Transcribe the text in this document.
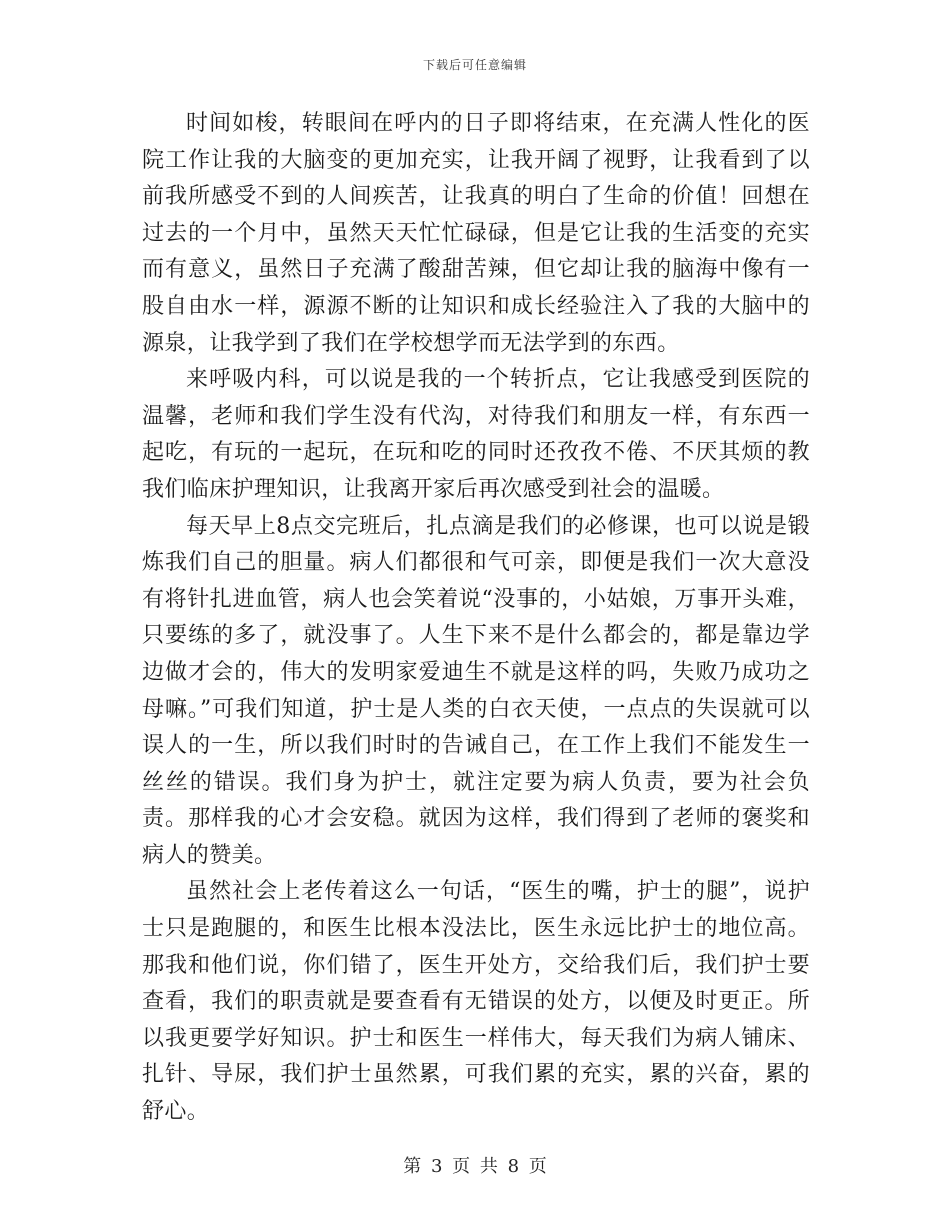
下载后可任意编辑

时间如梭，转眼间在呼内的日子即将结束，在充满人性化的医院工作让我的大脑变的更加充实，让我开阔了视野，让我看到了以前我所感受不到的人间疾苦，让我真的明白了生命的价值！回想在过去的一个月中，虽然天天忙忙碌碌，但是它让我的生活变的充实而有意义，虽然日子充满了酸甜苦辣，但它却让我的脑海中像有一股自由水一样，源源不断的让知识和成长经验注入了我的大脑中的源泉，让我学到了我们在学校想学而无法学到的东西。

来呼吸内科，可以说是我的一个转折点，它让我感受到医院的温馨，老师和我们学生没有代沟，对待我们和朋友一样，有东西一起吃，有玩的一起玩，在玩和吃的同时还孜孜不倦、不厌其烦的教我们临床护理知识，让我离开家后再次感受到社会的温暖。

每天早上8点交完班后，扎点滴是我们的必修课，也可以说是锻炼我们自己的胆量。病人们都很和气可亲，即便是我们一次大意没有将针扎进血管，病人也会笑着说“没事的，小姑娘，万事开头难，只要练的多了，就没事了。人生下来不是什么都会的，都是靠边学边做才会的，伟大的发明家爱迪生不就是这样的吗，失败乃成功之母嘛。”可我们知道，护士是人类的白衣天使，一点点的失误就可以误人的一生，所以我们时时的告诫自己，在工作上我们不能发生一丝丝的错误。我们身为护士，就注定要为病人负责，要为社会负责。那样我的心才会安稳。就因为这样，我们得到了老师的褒奖和病人的赞美。

虽然社会上老传着这么一句话，“医生的嘴，护士的腿”，说护士只是跑腿的，和医生比根本没法比，医生永远比护士的地位高。那我和他们说，你们错了，医生开处方，交给我们后，我们护士要查看，我们的职责就是要查看有无错误的处方，以便及时更正。所以我更要学好知识。护士和医生一样伟大，每天我们为病人铺床、扎针、导尿，我们护士虽然累，可我们累的充实，累的兴奋，累的舒心。

第 3 页 共 8 页
